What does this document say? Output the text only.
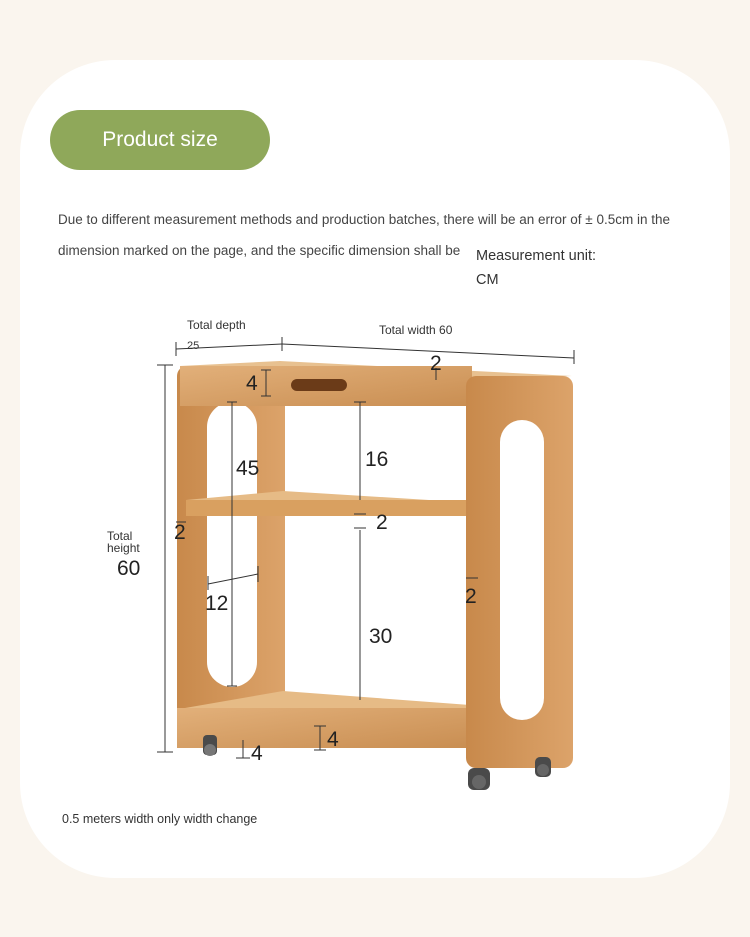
Product size
Due to different measurement methods and production batches, there will be an error of ± 0.5cm in the
dimension marked on the page, and the specific dimension shall be Measurement unit:
CM
Total depth
25
Total width 60
Total
height
60
2
4
45	16
2
2
12	2
30
4
4
0.5 meters width only width change
